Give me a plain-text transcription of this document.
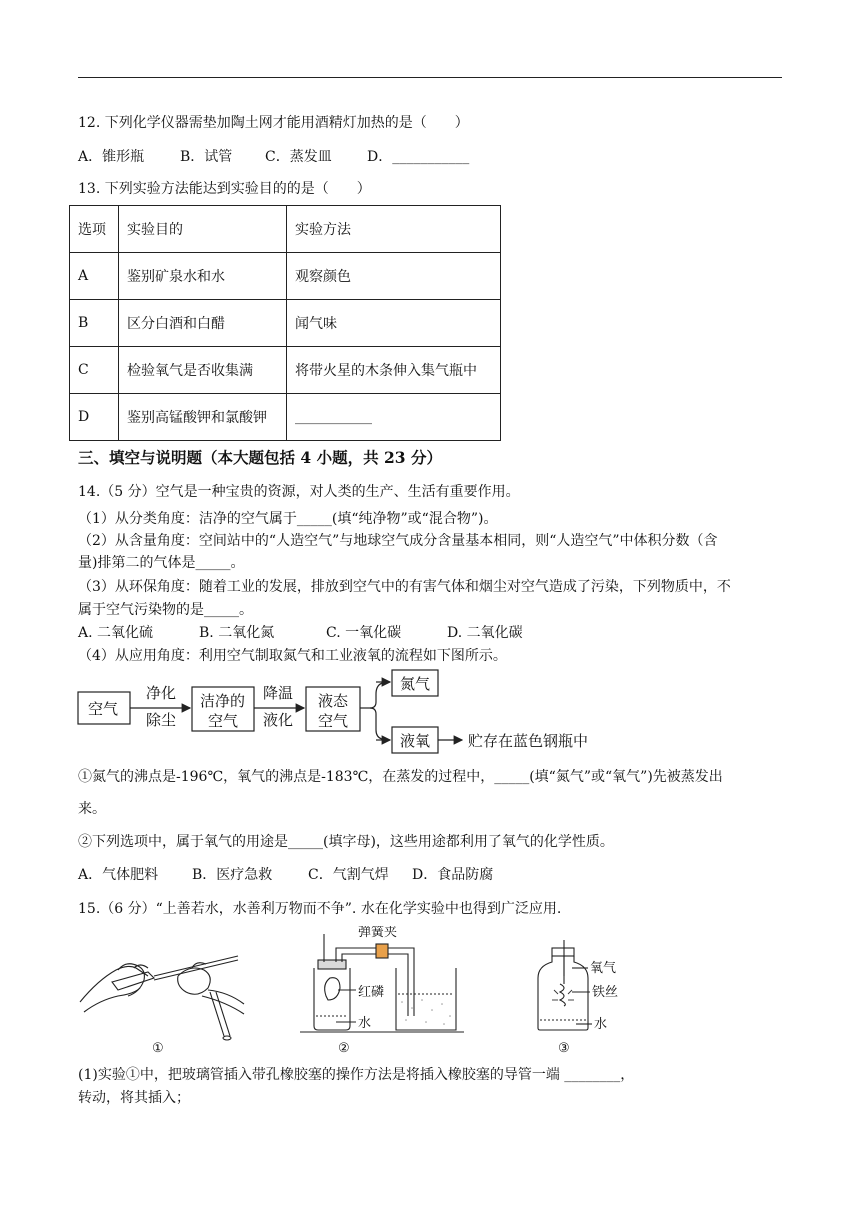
12. 下列化学仪器需垫加陶土网才能用酒精灯加热的是（　　）
A．锥形瓶	B．试管 C．蒸发皿	D．___________
13. 下列实验方法能达到实验目的的是（　　）
选项	实验目的	实验方法
A	鉴别矿泉水和水	观察颜色
B	区分白酒和白醋	闻气味
C	检验氧气是否收集满	将带火星的木条伸入集气瓶中
D	鉴别高锰酸钾和氯酸钾	___________
三、填空与说明题（本大题包括 4 小题，共 23 分）
14.（5 分）空气是一种宝贵的资源，对人类的生产、生活有重要作用。
（1）从分类角度：洁净的空气属于_____(填“纯净物”或“混合物”)。
（2）从含量角度：空间站中的“人造空气”与地球空气成分含量基本相同，则“人造空气”中体积分数（含
量)排第二的气体是_____。
（3）从环保角度：随着工业的发展，排放到空气中的有害气体和烟尘对空气造成了污染，下列物质中，不
属于空气污染物的是_____。
A. 二氧化硫	B. 二氧化氮	C. 一氧化碳	D. 二氧化碳
（4）从应用角度：利用空气制取氮气和工业液氧的流程如下图所示。
空气
净化
除尘
洁净的
空气
降温
液化
液态
空气
氮气
液氧	贮存在蓝色钢瓶中
①氮气的沸点是-196℃，氧气的沸点是-183℃，在蒸发的过程中，_____(填“氮气”或“氧气”)先被蒸发出
来。
②下列选项中，属于氧气的用途是_____(填字母)，这些用途都利用了氧气的化学性质。
A．气体肥料 B．医疗急救	C．气割气焊 D．食品防腐
15.（6 分）“上善若水，水善利万物而不争”. 水在化学实验中也得到广泛应用.
①
弹簧夹
红磷
水
②
氧气
铁丝
水
③
(1)实验①中，把玻璃管插入带孔橡胶塞的操作方法是将插入橡胶塞的导管一端 ________，
转动，将其插入；
